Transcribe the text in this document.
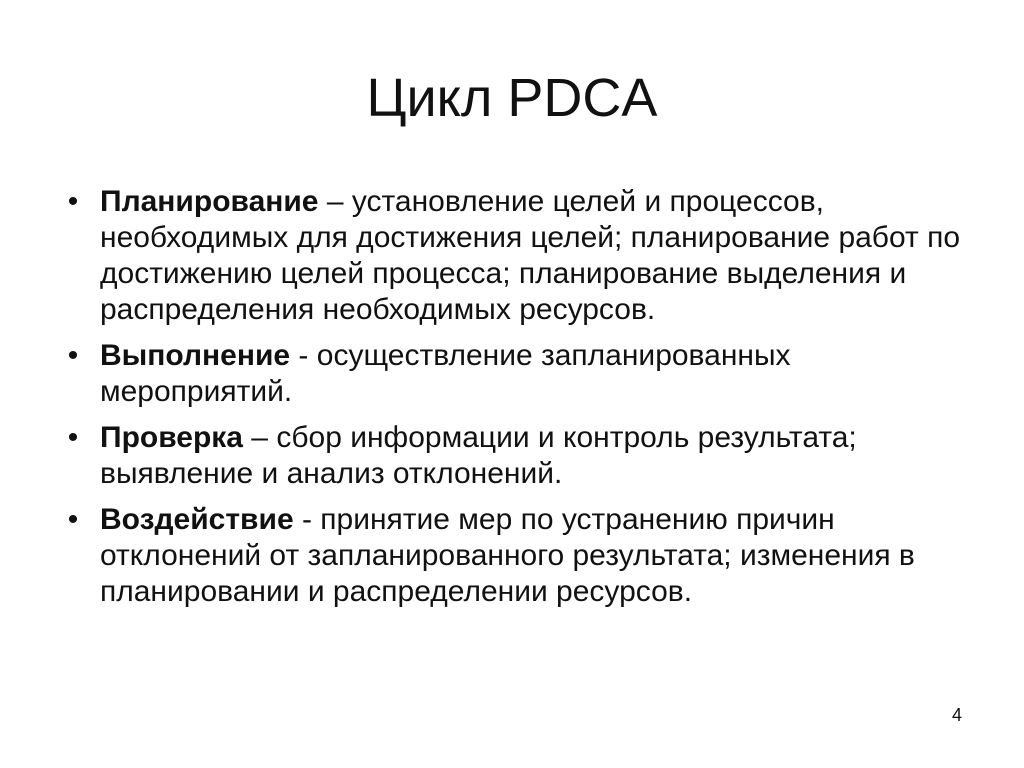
Цикл PDCA
• Планирование – установление целей и процессов, необходимых для достижения целей; планирование работ по достижению целей процесса; планирование выделения и распределения необходимых ресурсов.
• Выполнение - осуществление запланированных мероприятий.
• Проверка – сбор информации и контроль результата; выявление и анализ отклонений.
• Воздействие - принятие мер по устранению причин отклонений от запланированного результата; изменения в планировании и распределении ресурсов.
4
